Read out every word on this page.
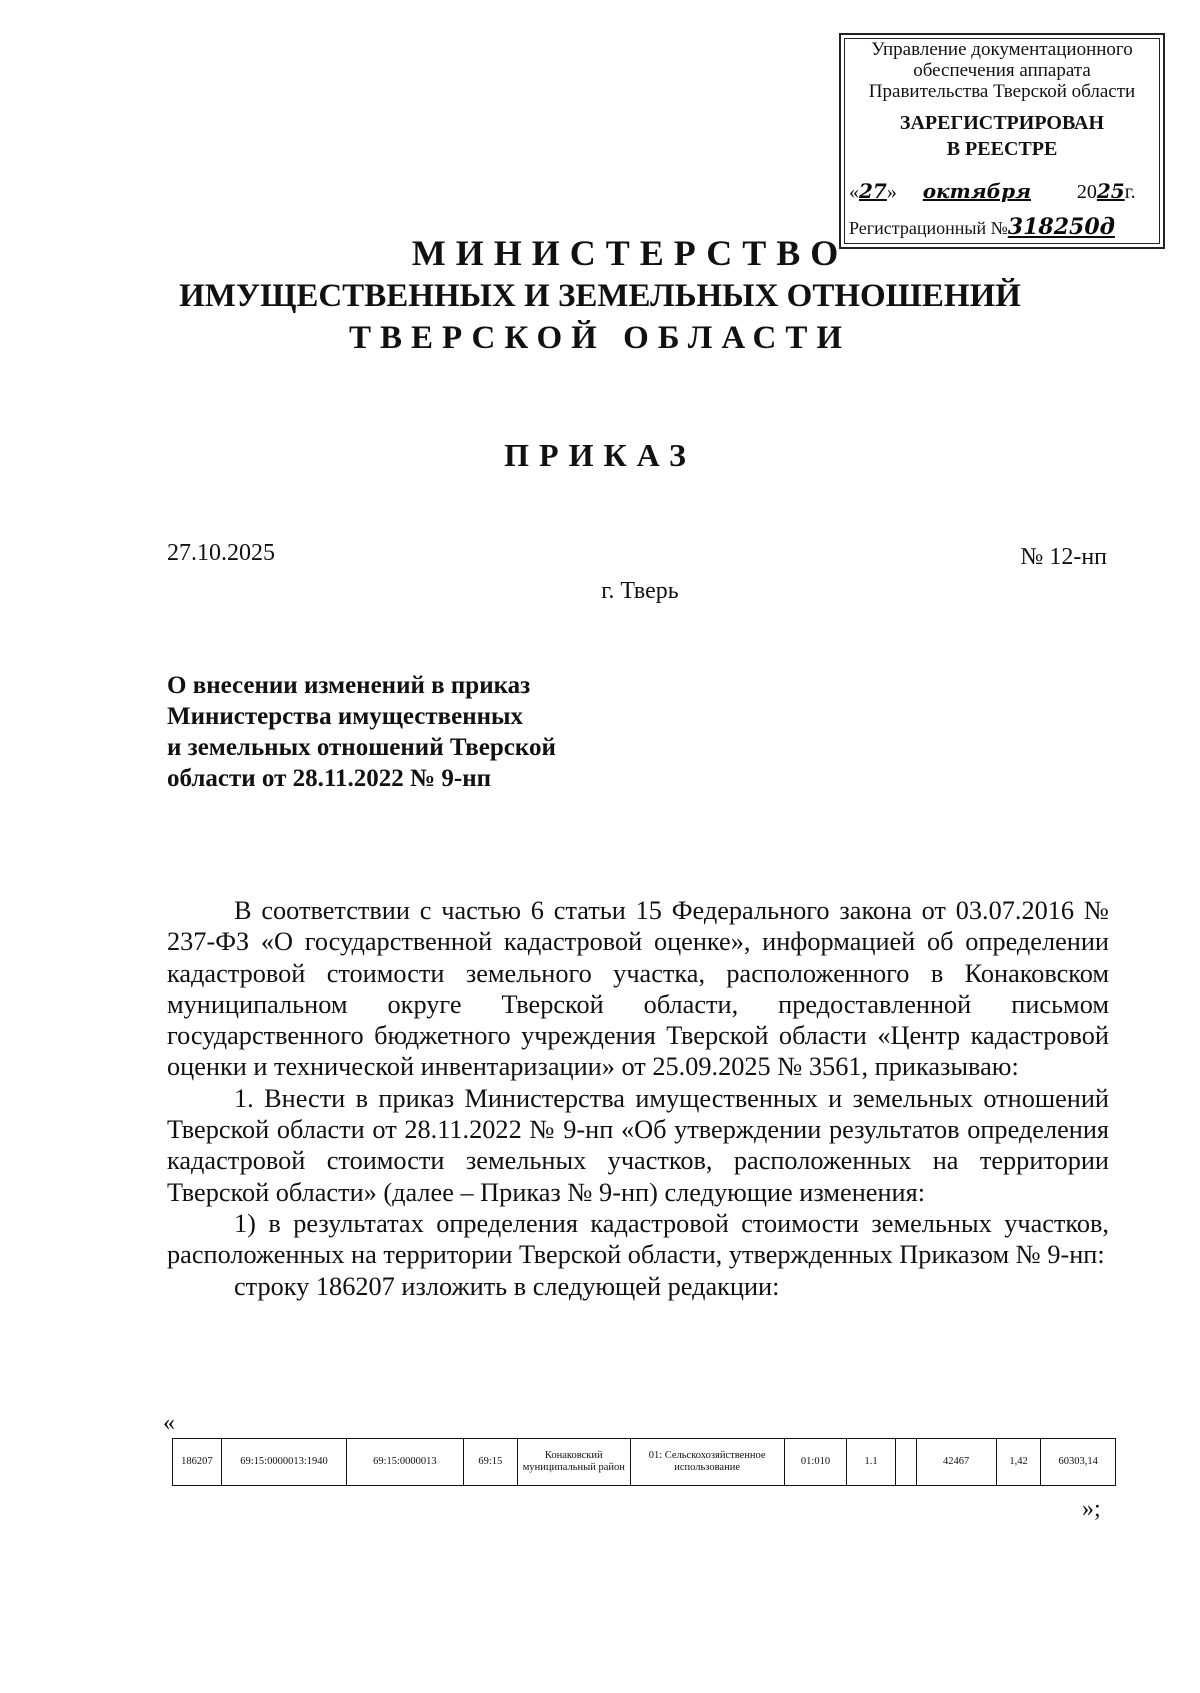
Управление документационного
обеспечения аппарата
Правительства Тверской области
ЗАРЕГИСТРИРОВАН
В РЕЕСТРЕ
«27» октября 2025г.
Регистрационный №318250д
МИНИСТЕРСТВО
ИМУЩЕСТВЕННЫХ И ЗЕМЕЛЬНЫХ ОТНОШЕНИЙ
ТВЕРСКОЙ ОБЛАСТИ
ПРИКАЗ
27.10.2025	№ 12-нп
г. Тверь
О внесении изменений в приказ
Министерства имущественных
и земельных отношений Тверской
области от 28.11.2022 № 9-нп

В соответствии с частью 6 статьи 15 Федерального закона от 03.07.2016 № 237-ФЗ «О государственной кадастровой оценке», информацией об определении кадастровой стоимости земельного участка, расположенного в Конаковском муниципальном округе Тверской области, предоставленной письмом государственного бюджетного учреждения Тверской области «Центр кадастровой оценки и технической инвентаризации» от 25.09.2025 № 3561, приказываю:

1. Внести в приказ Министерства имущественных и земельных отношений Тверской области от 28.11.2022 № 9-нп «Об утверждении результатов определения кадастровой стоимости земельных участков, расположенных на территории Тверской области» (далее – Приказ № 9-нп) следующие изменения:

1) в результатах определения кадастровой стоимости земельных участков, расположенных на территории Тверской области, утвержденных Приказом № 9-нп:

строку 186207 изложить в следующей редакции:

«
186207	69:15:0000013:1940	69:15:0000013	69:15	Конаковский муниципальный район	01: Сельскохозяйственное использование	01:010	1.1		42467	1,42	60303,14
»;
